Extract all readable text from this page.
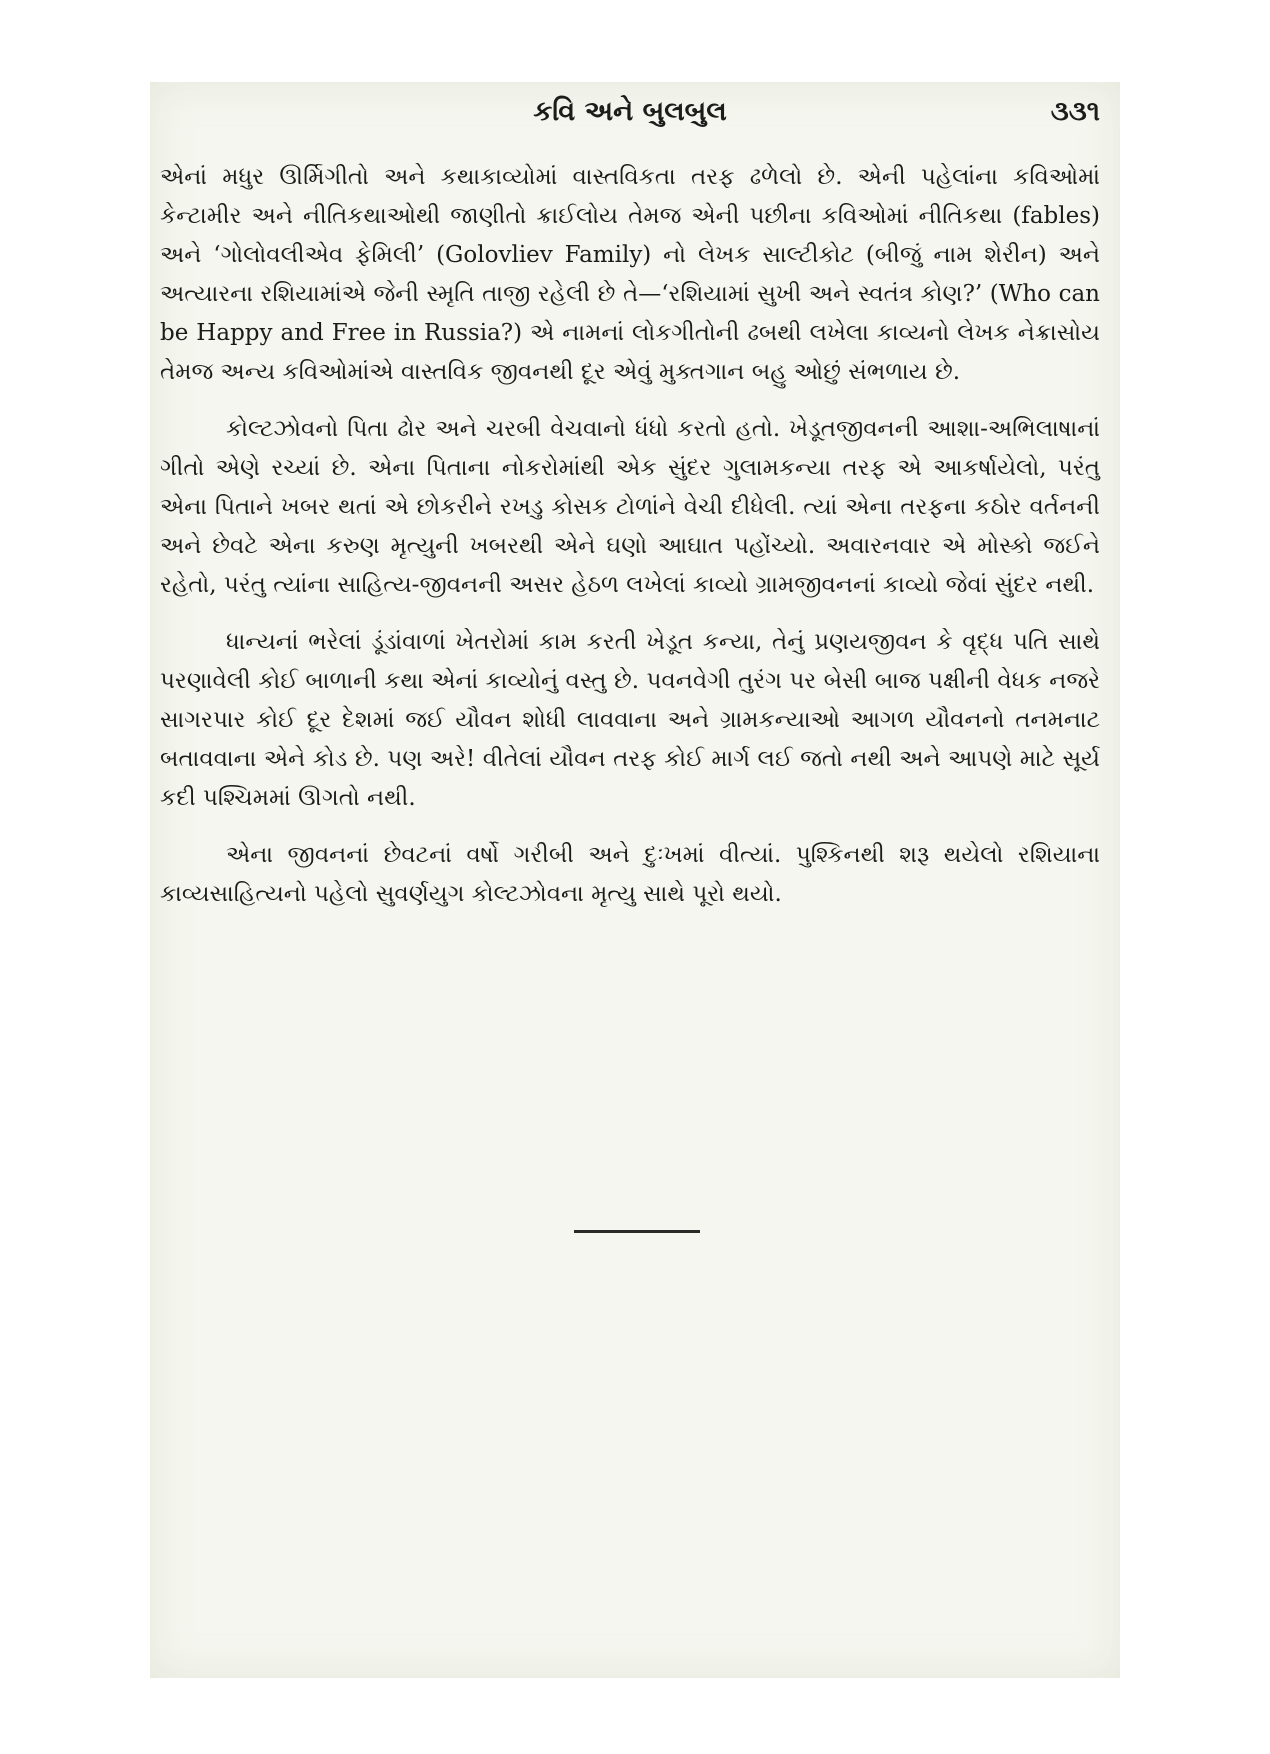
કવિ અને બુલબુલ	૩૩૧

એનાં મધુર ઊર્મિગીતો અને કથાકાવ્યોમાં વાસ્તવિકતા તરફ ઢળેલો છે. એની પહેલાંના કવિઓમાં કેન્ટામીર અને નીતિકથાઓથી જાણીતો ક્રાઈલોય તેમજ એની પછીના કવિઓમાં નીતિકથા (fables) અને ‘ગોલોવલીએવ ફેમિલી’ (Golovliev Family) નો લેખક સાલ્ટીકોટ (બીજું નામ શેરીન) અને અત્યારના રશિયામાંએ જેની સ્મૃતિ તાજી રહેલી છે તે—‘રશિયામાં સુખી અને સ્વતંત્ર કોણ?’ (Who can be Happy and Free in Russia?) એ નામનાં લોકગીતોની ઢબથી લખેલા કાવ્યનો લેખક નેક્રાસોય તેમજ અન્ય કવિઓમાંએ વાસ્તવિક જીવનથી દૂર એવું મુક્તગાન બહુ ઓછું સંભળાય છે.

કોલ્ટઝોવનો પિતા ઢોર અને ચરબી વેચવાનો ધંધો કરતો હતો. ખેડૂતજીવનની આશા-અભિલાષાનાં ગીતો એણે રચ્યાં છે. એના પિતાના નોકરોમાંથી એક સુંદર ગુલામકન્યા તરફ એ આકર્ષાયેલો, પરંતુ એના પિતાને ખબર થતાં એ છોકરીને રખડુ કોસક ટોળાંને વેચી દીધેલી. ત્યાં એના તરફના કઠોર વર્તનની અને છેવટે એના કરુણ મૃત્યુની ખબરથી એને ઘણો આઘાત પહોંચ્યો. અવારનવાર એ મોસ્કો જઈને રહેતો, પરંતુ ત્યાંના સાહિત્ય-જીવનની અસર હેઠળ લખેલાં કાવ્યો ગ્રામજીવનનાં કાવ્યો જેવાં સુંદર નથી.

ધાન્યનાં ભરેલાં ડૂંડાંવાળાં ખેતરોમાં કામ કરતી ખેડૂત કન્યા, તેનું પ્રણયજીવન કે વૃદ્ધ પતિ સાથે પરણાવેલી કોઈ બાળાની કથા એનાં કાવ્યોનું વસ્તુ છે. પવનવેગી તુરંગ પર બેસી બાજ પક્ષીની વેધક નજરે સાગરપાર કોઈ દૂર દેશમાં જઈ યૌવન શોધી લાવવાના અને ગ્રામકન્યાઓ આગળ યૌવનનો તનમનાટ બતાવવાના એને કોડ છે. પણ અરે! વીતેલાં યૌવન તરફ કોઈ માર્ગ લઈ જતો નથી અને આપણે માટે સૂર્ય કદી પશ્ચિમમાં ઊગતો નથી.

એના જીવનનાં છેવટનાં વર્ષો ગરીબી અને દુઃખમાં વીત્યાં. પુશ્કિનથી શરૂ થયેલો રશિયાના કાવ્યસાહિત્યનો પહેલો સુવર્ણયુગ કોલ્ટઝોવના મૃત્યુ સાથે પૂરો થયો.
